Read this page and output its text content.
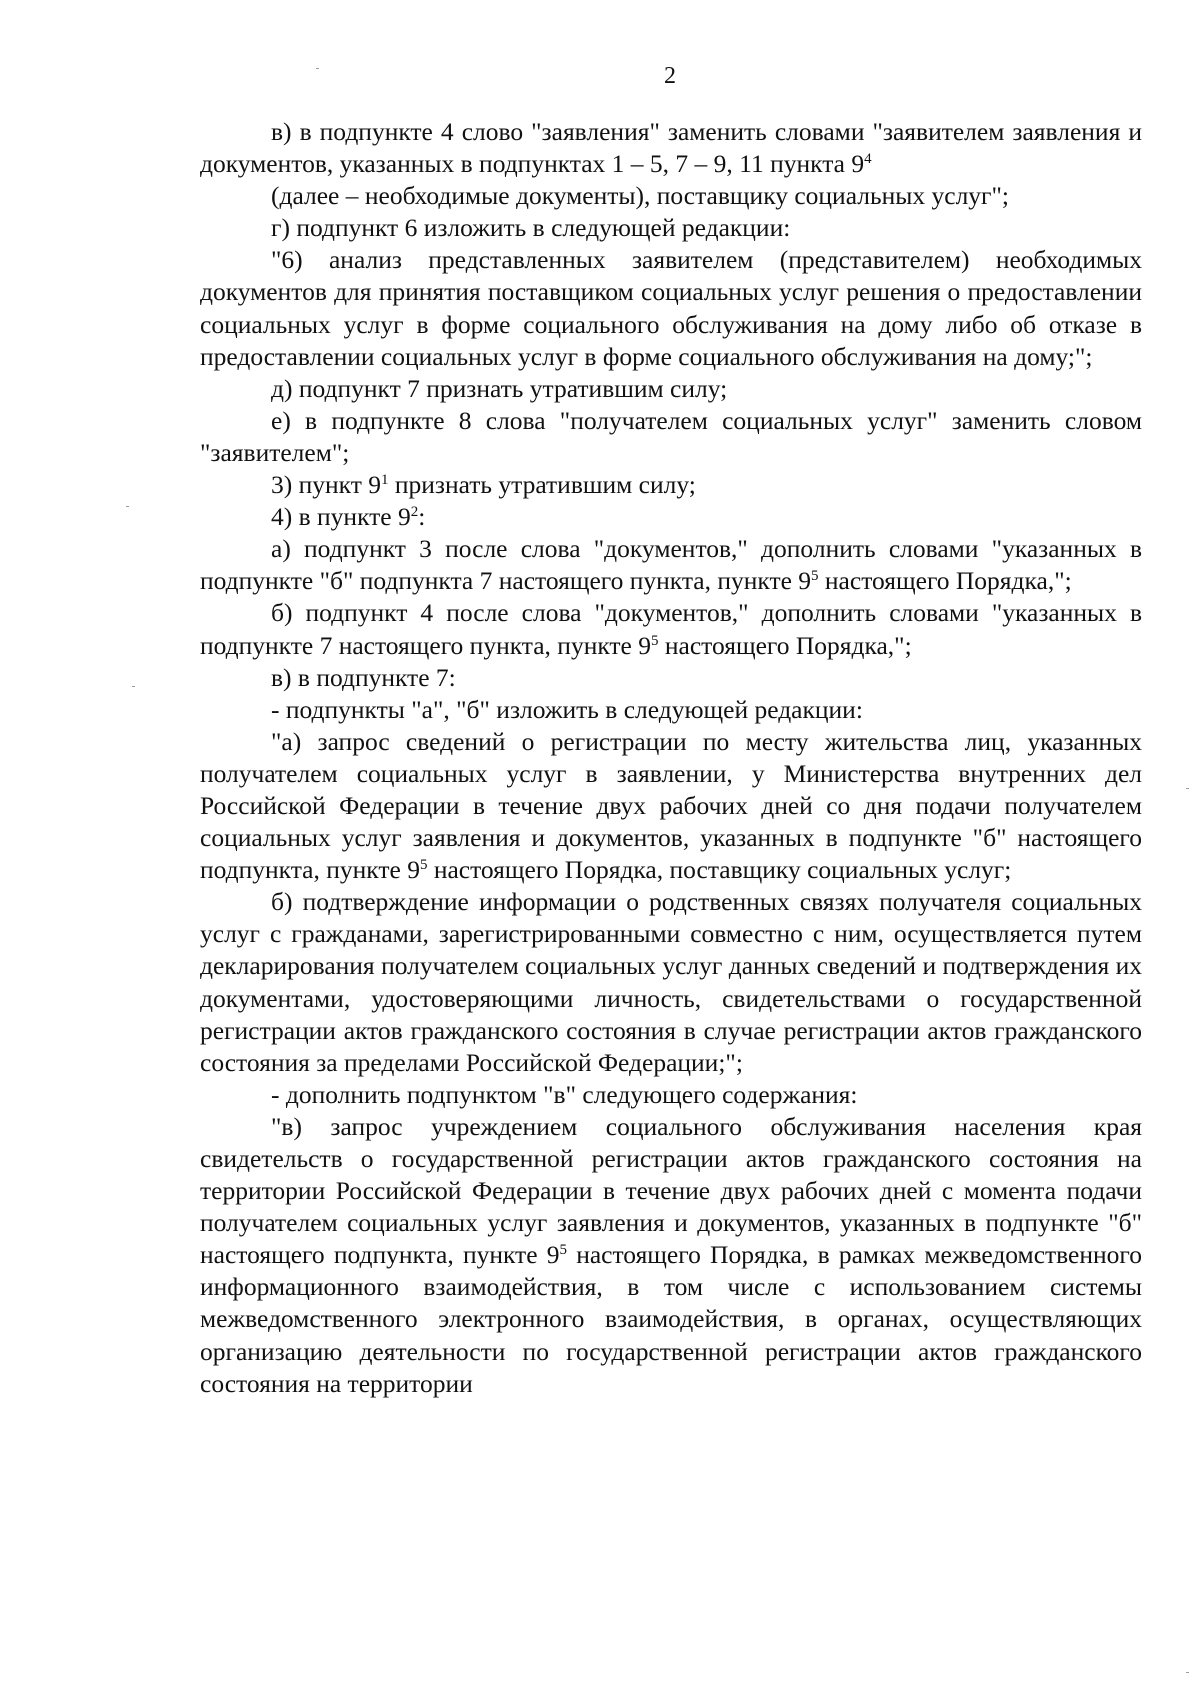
2

в) в подпункте 4 слово "заявления" заменить словами "заявителем заявления и документов, указанных в подпунктах 1 – 5, 7 – 9, 11 пункта $9^4$

(далее – необходимые документы), поставщику социальных услуг";

г) подпункт 6 изложить в следующей редакции:

"6) анализ представленных заявителем (представителем) необходимых документов для принятия поставщиком социальных услуг решения о предоставлении социальных услуг в форме социального обслуживания на дому либо об отказе в предоставлении социальных услуг в форме социального обслуживания на дому;";

д) подпункт 7 признать утратившим силу;

е) в подпункте 8 слова "получателем социальных услуг" заменить словом "заявителем";

3) пункт $9^1$ признать утратившим силу;

4) в пункте $9^2$:

а) подпункт 3 после слова "документов," дополнить словами "указанных в подпункте "б" подпункта 7 настоящего пункта, пункте $9^5$ настоящего Порядка,";

б) подпункт 4 после слова "документов," дополнить словами "указанных в подпункте 7 настоящего пункта, пункте $9^5$ настоящего Порядка,";

в) в подпункте 7:

- подпункты "а", "б" изложить в следующей редакции:

"а) запрос сведений о регистрации по месту жительства лиц, указанных получателем социальных услуг в заявлении, у Министерства внутренних дел Российской Федерации в течение двух рабочих дней со дня подачи получателем социальных услуг заявления и документов, указанных в подпункте "б" настоящего подпункта, пункте $9^5$ настоящего Порядка, поставщику социальных услуг;

б) подтверждение информации о родственных связях получателя социальных услуг с гражданами, зарегистрированными совместно с ним, осуществляется путем декларирования получателем социальных услуг данных сведений и подтверждения их документами, удостоверяющими личность, свидетельствами о государственной регистрации актов гражданского состояния в случае регистрации актов гражданского состояния за пределами Российской Федерации;";

- дополнить подпунктом "в" следующего содержания:

"в) запрос учреждением социального обслуживания населения края свидетельств о государственной регистрации актов гражданского состояния на территории Российской Федерации в течение двух рабочих дней с момента подачи получателем социальных услуг заявления и документов, указанных в подпункте "б" настоящего подпункта, пункте $9^5$ настоящего Порядка, в рамках межведомственного информационного взаимодействия, в том числе с использованием системы межведомственного электронного взаимодействия, в органах, осуществляющих организацию деятельности по государственной регистрации актов гражданского состояния на территории
